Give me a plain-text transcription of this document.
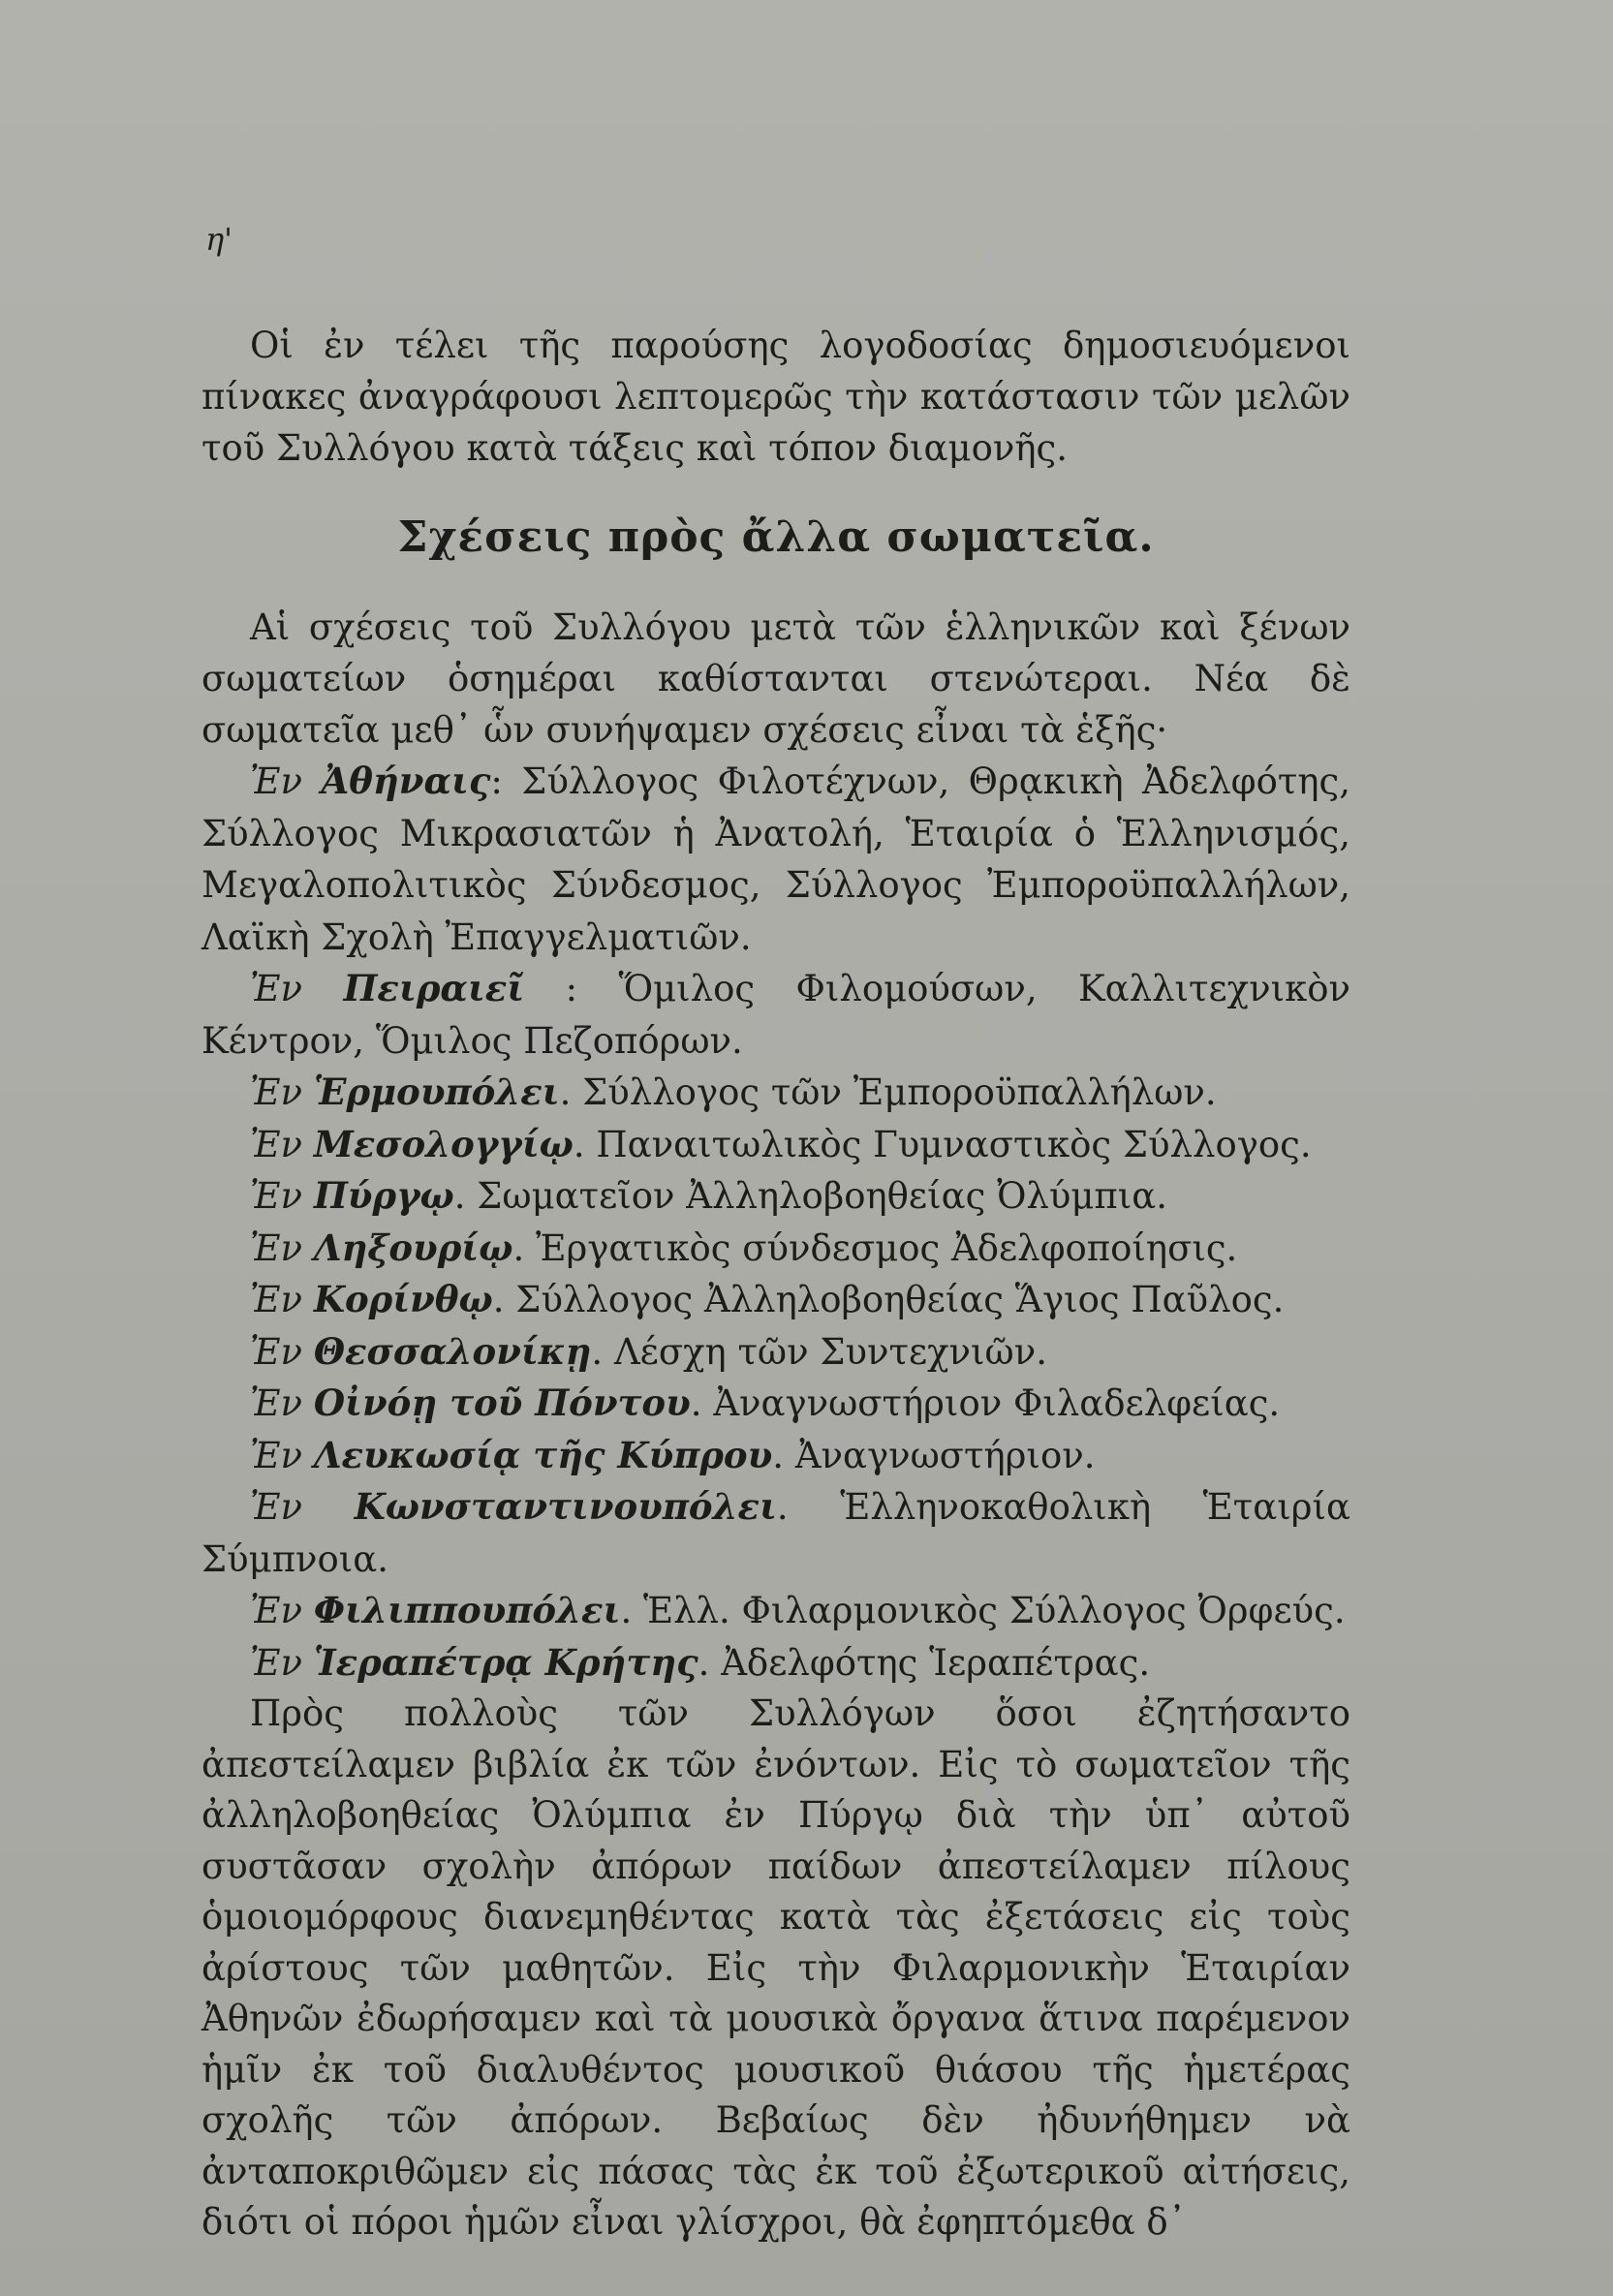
η'

Οἱ ἐν τέλει τῆς παρούσης λογοδοσίας δημοσιευόμενοι πίνακες ἀναγράφουσι λεπτομερῶς τὴν κατάστασιν τῶν μελῶν τοῦ Συλλόγου κατὰ τάξεις καὶ τόπον διαμονῆς.

Σχέσεις πρὸς ἄλλα σωματεῖα.

Αἱ σχέσεις τοῦ Συλλόγου μετὰ τῶν ἑλληνικῶν καὶ ξένων σωματείων ὁσημέραι καθίστανται στενώτεραι. Νέα δὲ σωματεῖα μεθ᾽ ὧν συνήψαμεν σχέσεις εἶναι τὰ ἑξῆς·

Ἐν Ἀθήναις: Σύλλογος Φιλοτέχνων, Θρᾳκικὴ Ἀδελφότης, Σύλλογος Μικρασιατῶν ἡ Ἀνατολή, Ἑταιρία ὁ Ἑλληνισμός, Μεγαλοπολιτικὸς Σύνδεσμος, Σύλλογος Ἐμποροϋπαλλήλων, Λαϊκὴ Σχολὴ Ἐπαγγελματιῶν.

Ἐν Πειραιεῖ : Ὅμιλος Φιλομούσων, Καλλιτεχνικὸν Κέντρον, Ὅμιλος Πεζοπόρων.

Ἐν Ἑρμουπόλει. Σύλλογος τῶν Ἐμποροϋπαλλήλων.

Ἐν Μεσολογγίῳ. Παναιτωλικὸς Γυμναστικὸς Σύλλογος.

Ἐν Πύργῳ. Σωματεῖον Ἀλληλοβοηθείας Ὀλύμπια.

Ἐν Ληξουρίῳ. Ἐργατικὸς σύνδεσμος Ἀδελφοποίησις.

Ἐν Κορίνθῳ. Σύλλογος Ἀλληλοβοηθείας Ἅγιος Παῦλος.

Ἐν Θεσσαλονίκῃ. Λέσχη τῶν Συντεχνιῶν.

Ἐν Οἰνόῃ τοῦ Πόντου. Ἀναγνωστήριον Φιλαδελφείας.

Ἐν Λευκωσίᾳ τῆς Κύπρου. Ἀναγνωστήριον.

Ἐν Κωνσταντινουπόλει. Ἑλληνοκαθολικὴ Ἑταιρία Σύμπνοια.

Ἐν Φιλιππουπόλει. Ἑλλ. Φιλαρμονικὸς Σύλλογος Ὀρφεύς.

Ἐν Ἱεραπέτρᾳ Κρήτης. Ἀδελφότης Ἱεραπέτρας.

Πρὸς πολλοὺς τῶν Συλλόγων ὅσοι ἐζητήσαντο ἀπεστείλαμεν βιβλία ἐκ τῶν ἐνόντων. Εἰς τὸ σωματεῖον τῆς ἀλληλοβοηθείας Ὀλύμπια ἐν Πύργῳ διὰ τὴν ὑπ᾽ αὐτοῦ συστᾶσαν σχολὴν ἀπόρων παίδων ἀπεστείλαμεν πίλους ὁμοιομόρφους διανεμηθέντας κατὰ τὰς ἐξετάσεις εἰς τοὺς ἀρίστους τῶν μαθητῶν. Εἰς τὴν Φιλαρμονικὴν Ἑταιρίαν Ἀθηνῶν ἐδωρήσαμεν καὶ τὰ μουσικὰ ὄργανα ἅτινα παρέμενον ἡμῖν ἐκ τοῦ διαλυθέντος μουσικοῦ θιάσου τῆς ἡμετέρας σχολῆς τῶν ἀπόρων. Βεβαίως δὲν ἠδυνήθημεν νὰ ἀνταποκριθῶμεν εἰς πάσας τὰς ἐκ τοῦ ἐξωτερικοῦ αἰτήσεις, διότι οἱ πόροι ἡμῶν εἶναι γλίσχροι, θὰ ἐφηπτόμεθα δ᾽
